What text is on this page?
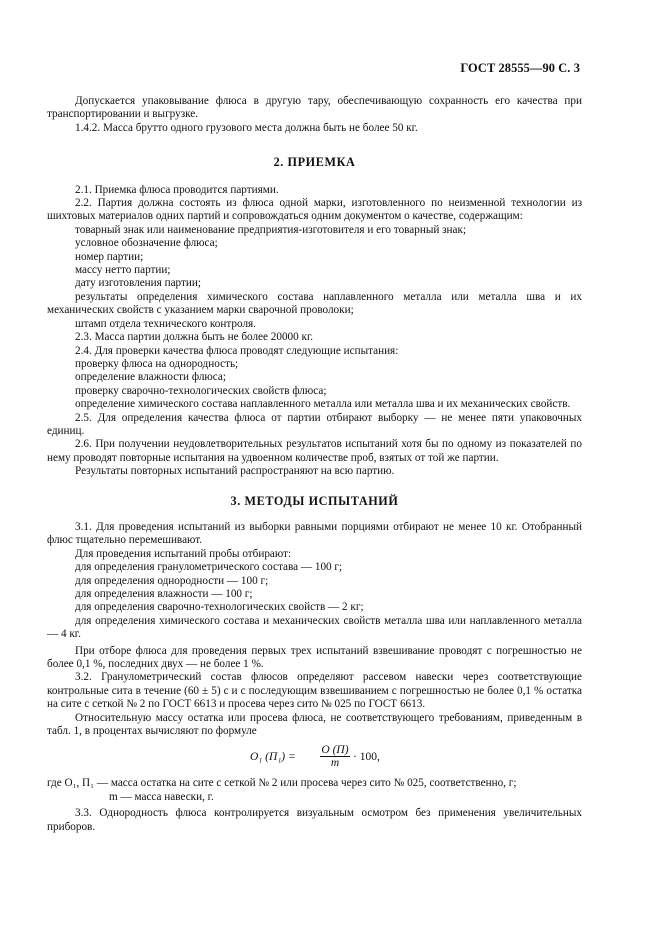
ГОСТ 28555—90 С. 3

Допускается упаковывание флюса в другую тару, обеспечивающую сохранность его качества при транспортировании и выгрузке.

1.4.2. Масса брутто одного грузового места должна быть не более 50 кг.

2. ПРИЕМКА

2.1. Приемка флюса проводится партиями.

2.2. Партия должна состоять из флюса одной марки, изготовленного по неизменной технологии из шихтовых материалов одних партий и сопровождаться одним документом о качестве, содержащим:

товарный знак или наименование предприятия-изготовителя и его товарный знак;

условное обозначение флюса;

номер партии;

массу нетто партии;

дату изготовления партии;

результаты определения химического состава наплавленного металла или металла шва и их механических свойств с указанием марки сварочной проволоки;

штамп отдела технического контроля.

2.3. Масса партии должна быть не более 20000 кг.

2.4. Для проверки качества флюса проводят следующие испытания:

проверку флюса на однородность;

определение влажности флюса;

проверку сварочно-технологических свойств флюса;

определение химического состава наплавленного металла или металла шва и их механических свойств.

2.5. Для определения качества флюса от партии отбирают выборку — не менее пяти упаковочных единиц.

2.6. При получении неудовлетворительных результатов испытаний хотя бы по одному из показателей по нему проводят повторные испытания на удвоенном количестве проб, взятых от той же партии.

Результаты повторных испытаний распространяют на всю партию.

3. МЕТОДЫ ИСПЫТАНИЙ

3.1. Для проведения испытаний из выборки равными порциями отбирают не менее 10 кг. Отобранный флюс тщательно перемешивают.

Для проведения испытаний пробы отбирают:

для определения гранулометрического состава — 100 г;

для определения однородности — 100 г;

для определения влажности — 100 г;

для определения сварочно-технологических свойств — 2 кг;

для определения химического состава и механических свойств металла шва или наплавленного металла — 4 кг.

При отборе флюса для проведения первых трех испытаний взвешивание проводят с погрешностью не более 0,1 %, последних двух — не более 1 %.

3.2. Гранулометрический состав флюсов определяют рассевом навески через соответствующие контрольные сита в течение (60 ± 5) с и с последующим взвешиванием с погрешностью не более 0,1 % остатка на сите с сеткой № 2 по ГОСТ 6613 и просева через сито № 025 по ГОСТ 6613.

Относительную массу остатка или просева флюса, не соответствующего требованиям, приведенным в табл. 1, в процентах вычисляют по формуле

O₁ (П₁) =
O (П)
m	· 100,

где O₁, П₁ — масса остатка на сите с сеткой № 2 или просева через сито № 025, соответственно, г;

m — масса навески, г.

3.3. Однородность флюса контролируется визуальным осмотром без применения увеличительных приборов.
